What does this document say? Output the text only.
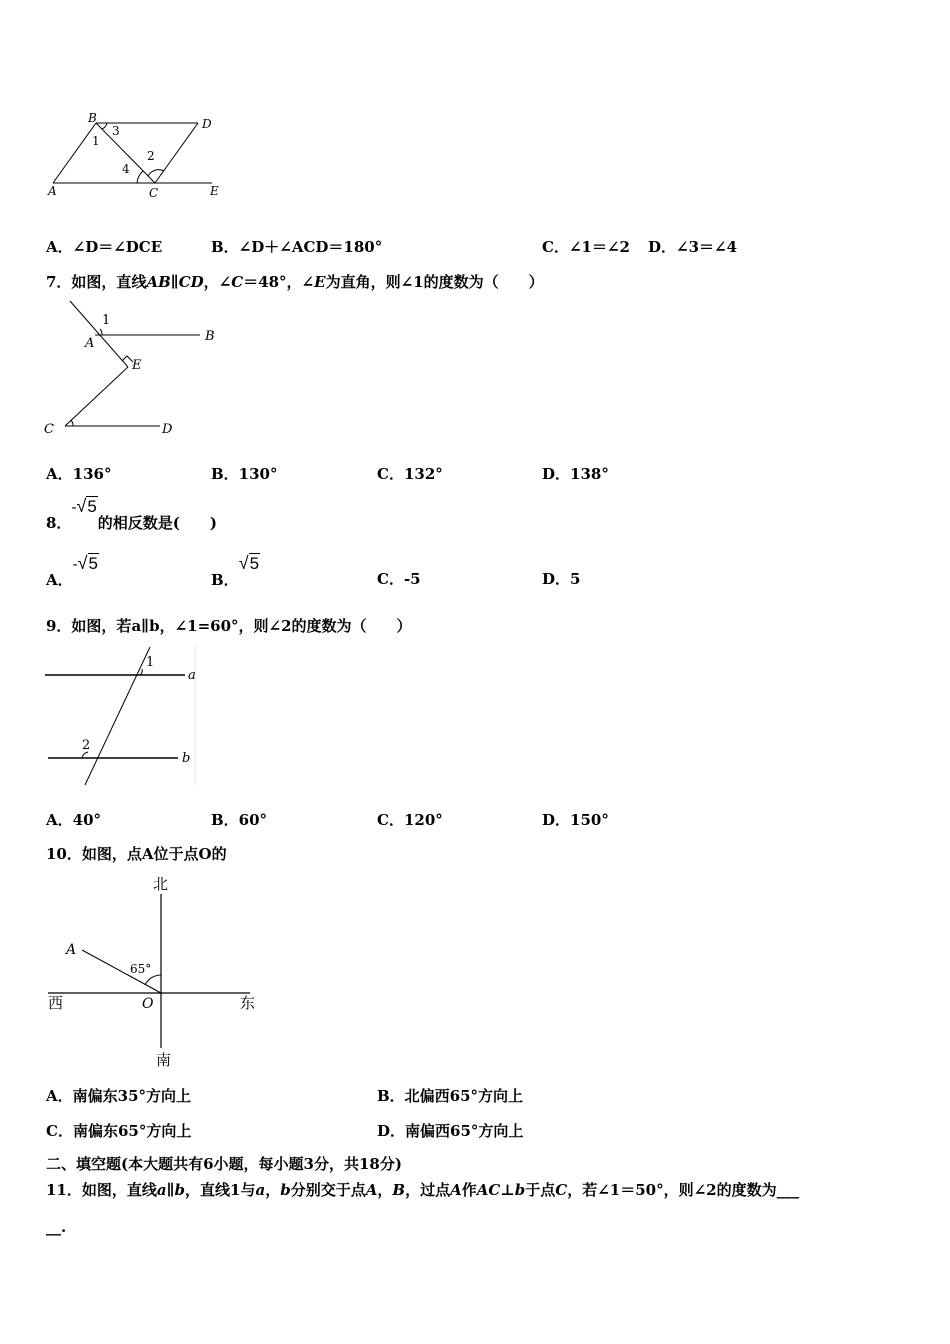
B	D
A	C	E
1
3
2
4
A．∠D＝∠DCE	B．∠D＋∠ACD＝180°	C．∠1＝∠2 D．∠3＝∠4
7．如图，直线AB∥CD，∠C＝48°，∠E为直角，则∠1的度数为（　　）
1
A	B
E
C	D
A．136°	B．130°	C．132°	D．138°
8．-√5的相反数是(　　)
A．-√5
B．√5
C．-5	D．5
9．如图，若a∥b，∠1=60°，则∠2的度数为（　　）
1
a
2
b
A．40°	B．60°	C．120°	D．150°
10．如图，点A位于点O的
北
西	东
南
A
O
65°
A．南偏东35°方向上	B．北偏西65°方向上
C．南偏东65°方向上	D．南偏西65°方向上
二、填空题(本大题共有6小题，每小题3分，共18分)
11．如图，直线a∥b，直线1与a，b分别交于点A，B，过点A作AC⊥b于点C，若∠1＝50°，则∠2的度数为___
__.
